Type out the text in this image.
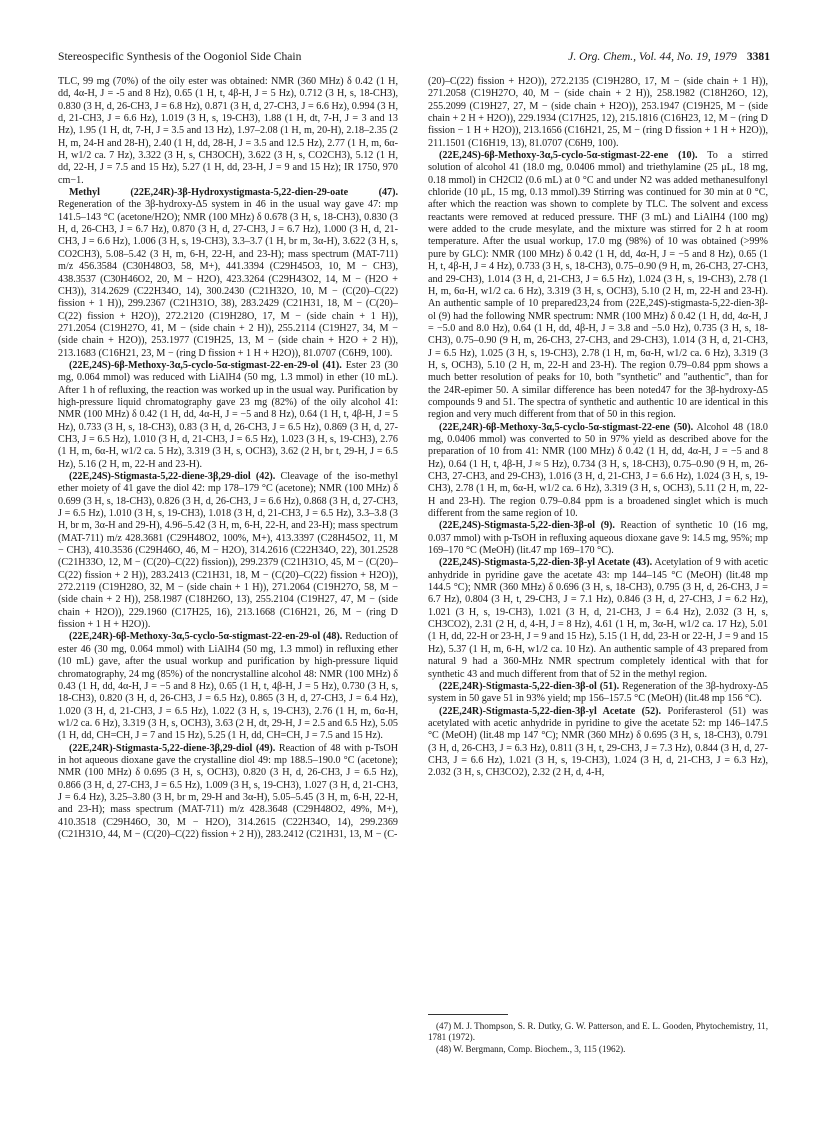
Stereospecific Synthesis of the Oogoniol Side Chain	J. Org. Chem., Vol. 44, No. 19, 1979 3381

TLC, 99 mg (70%) of the oily ester was obtained: NMR (360 MHz) δ 0.42 (1 H, dd, 4α-H, J = -5 and 8 Hz), 0.65 (1 H, t, 4β-H, J = 5 Hz), 0.712 (3 H, s, 18-CH3), 0.830 (3 H, d, 26-CH3, J = 6.8 Hz), 0.871 (3 H, d, 27-CH3, J = 6.6 Hz), 0.994 (3 H, d, 21-CH3, J = 6.6 Hz), 1.019 (3 H, s, 19-CH3), 1.88 (1 H, dt, 7-H, J = 3 and 13 Hz), 1.95 (1 H, dt, 7-H, J = 3.5 and 13 Hz), 1.97–2.08 (1 H, m, 20-H), 2.18–2.35 (2 H, m, 24-H and 28-H), 2.40 (1 H, dd, 28-H, J = 3.5 and 12.5 Hz), 2.77 (1 H, m, 6α-H, w1/2 ca. 7 Hz), 3.322 (3 H, s, CH3OCH), 3.622 (3 H, s, CO2CH3), 5.12 (1 H, dd, 22-H, J = 7.5 and 15 Hz), 5.27 (1 H, dd, 23-H, J = 9 and 15 Hz); IR 1750, 970 cm−1.

Methyl (22E,24R)-3β-Hydroxystigmasta-5,22-dien-29-oate (47). Regeneration of the 3β-hydroxy-Δ5 system in 46 in the usual way gave 47: mp 141.5–143 °C (acetone/H2O); NMR (100 MHz) δ 0.678 (3 H, s, 18-CH3), 0.830 (3 H, d, 26-CH3, J = 6.7 Hz), 0.870 (3 H, d, 27-CH3, J = 6.7 Hz), 1.000 (3 H, d, 21-CH3, J = 6.6 Hz), 1.006 (3 H, s, 19-CH3), 3.3–3.7 (1 H, br m, 3α-H), 3.622 (3 H, s, CO2CH3), 5.08–5.42 (3 H, m, 6-H, 22-H, and 23-H); mass spectrum (MAT-711) m/z 456.3584 (C30H48O3, 58, M+), 441.3394 (C29H45O3, 10, M − CH3), 438.3537 (C30H46O2, 20, M − H2O), 423.3264 (C29H43O2, 14, M − (H2O + CH3)), 314.2629 (C22H34O, 14), 300.2430 (C21H32O, 10, M − (C(20)–C(22) fission + 1 H)), 299.2367 (C21H31O, 38), 283.2429 (C21H31, 18, M − (C(20)–C(22) fission + H2O)), 272.2120 (C19H28O, 17, M − (side chain + 1 H)), 271.2054 (C19H27O, 41, M − (side chain + 2 H)), 255.2114 (C19H27, 34, M − (side chain + H2O)), 253.1977 (C19H25, 13, M − (side chain + H2O + 2 H)), 213.1683 (C16H21, 23, M − (ring D fission + 1 H + H2O)), 81.0707 (C6H9, 100).

(22E,24S)-6β-Methoxy-3α,5-cyclo-5α-stigmast-22-en-29-ol (41). Ester 23 (30 mg, 0.064 mmol) was reduced with LiAlH4 (50 mg, 1.3 mmol) in ether (10 mL). After 1 h of refluxing, the reaction was worked up in the usual way. Purification by high-pressure liquid chromatography gave 23 mg (82%) of the oily alcohol 41: NMR (100 MHz) δ 0.42 (1 H, dd, 4α-H, J = −5 and 8 Hz), 0.64 (1 H, t, 4β-H, J = 5 Hz), 0.733 (3 H, s, 18-CH3), 0.83 (3 H, d, 26-CH3, J = 6.5 Hz), 0.869 (3 H, d, 27-CH3, J = 6.5 Hz), 1.010 (3 H, d, 21-CH3, J = 6.5 Hz), 1.023 (3 H, s, 19-CH3), 2.76 (1 H, m, 6α-H, w1/2 ca. 5 Hz), 3.319 (3 H, s, OCH3), 3.62 (2 H, br t, 29-H, J = 6.5 Hz), 5.16 (2 H, m, 22-H and 23-H).

(22E,24S)-Stigmasta-5,22-diene-3β,29-diol (42). Cleavage of the iso-methyl ether moiety of 41 gave the diol 42: mp 178–179 °C (acetone); NMR (100 MHz) δ 0.699 (3 H, s, 18-CH3), 0.826 (3 H, d, 26-CH3, J = 6.6 Hz), 0.868 (3 H, d, 27-CH3, J = 6.5 Hz), 1.010 (3 H, s, 19-CH3), 1.018 (3 H, d, 21-CH3, J = 6.5 Hz), 3.3–3.8 (3 H, br m, 3α-H and 29-H), 4.96–5.42 (3 H, m, 6-H, 22-H, and 23-H); mass spectrum (MAT-711) m/z 428.3681 (C29H48O2, 100%, M+), 413.3397 (C28H45O2, 11, M − CH3), 410.3536 (C29H46O, 46, M − H2O), 314.2616 (C22H34O, 22), 301.2528 (C21H33O, 12, M − (C(20)–C(22) fission)), 299.2379 (C21H31O, 45, M − (C(20)–C(22) fission + 2 H)), 283.2413 (C21H31, 18, M − (C(20)–C(22) fission + H2O)), 272.2119 (C19H28O, 32, M − (side chain + 1 H)), 271.2064 (C19H27O, 58, M − (side chain + 2 H)), 258.1987 (C18H26O, 13), 255.2104 (C19H27, 47, M − (side chain + H2O)), 229.1960 (C17H25, 16), 213.1668 (C16H21, 26, M − (ring D fission + 1 H + H2O)).

(22E,24R)-6β-Methoxy-3α,5-cyclo-5α-stigmast-22-en-29-ol (48). Reduction of ester 46 (30 mg, 0.064 mmol) with LiAlH4 (50 mg, 1.3 mmol) in refluxing ether (10 mL) gave, after the usual workup and purification by high-pressure liquid chromatography, 24 mg (85%) of the noncrystalline alcohol 48: NMR (100 MHz) δ 0.43 (1 H, dd, 4α-H, J = −5 and 8 Hz), 0.65 (1 H, t, 4β-H, J = 5 Hz), 0.730 (3 H, s, 18-CH3), 0.820 (3 H, d, 26-CH3, J = 6.5 Hz), 0.865 (3 H, d, 27-CH3, J = 6.4 Hz), 1.020 (3 H, d, 21-CH3, J = 6.5 Hz), 1.022 (3 H, s, 19-CH3), 2.76 (1 H, m, 6α-H, w1/2 ca. 6 Hz), 3.319 (3 H, s, OCH3), 3.63 (2 H, dt, 29-H, J = 2.5 and 6.5 Hz), 5.05 (1 H, dd, CH=CH, J = 7 and 15 Hz), 5.25 (1 H, dd, CH=CH, J = 7.5 and 15 Hz).

(22E,24R)-Stigmasta-5,22-diene-3β,29-diol (49). Reaction of 48 with p-TsOH in hot aqueous dioxane gave the crystalline diol 49: mp 188.5–190.0 °C (acetone); NMR (100 MHz) δ 0.695 (3 H, s, OCH3), 0.820 (3 H, d, 26-CH3, J = 6.5 Hz), 0.866 (3 H, d, 27-CH3, J = 6.5 Hz), 1.009 (3 H, s, 19-CH3), 1.027 (3 H, d, 21-CH3, J = 6.4 Hz), 3.25–3.80 (3 H, br m, 29-H and 3α-H), 5.05–5.45 (3 H, m, 6-H, 22-H, and 23-H); mass spectrum (MAT-711) m/z 428.3648 (C29H48O2, 49%, M+), 410.3518 (C29H46O, 30, M − H2O), 314.2615 (C22H34O, 14), 299.2369 (C21H31O, 44, M − (C(20)–C(22) fission + 2 H)), 283.2412 (C21H31, 13, M − (C-

(20)–C(22) fission + H2O)), 272.2135 (C19H28O, 17, M − (side chain + 1 H)), 271.2058 (C19H27O, 40, M − (side chain + 2 H)), 258.1982 (C18H26O, 12), 255.2099 (C19H27, 27, M − (side chain + H2O)), 253.1947 (C19H25, M − (side chain + 2 H + H2O)), 229.1934 (C17H25, 12), 215.1816 (C16H23, 12, M − (ring D fission − 1 H + H2O)), 213.1656 (C16H21, 25, M − (ring D fission + 1 H + H2O)), 211.1501 (C16H19, 13), 81.0707 (C6H9, 100).

(22E,24S)-6β-Methoxy-3α,5-cyclo-5α-stigmast-22-ene (10). To a stirred solution of alcohol 41 (18.0 mg, 0.0406 mmol) and triethylamine (25 μL, 18 mg, 0.18 mmol) in CH2Cl2 (0.6 mL) at 0 °C and under N2 was added methanesulfonyl chloride (10 μL, 15 mg, 0.13 mmol).39 Stirring was continued for 30 min at 0 °C, after which the reaction was shown to complete by TLC. The solvent and excess reactants were removed at reduced pressure. THF (3 mL) and LiAlH4 (100 mg) were added to the crude mesylate, and the mixture was stirred for 2 h at room temperature. After the usual workup, 17.0 mg (98%) of 10 was obtained (>99% pure by GLC): NMR (100 MHz) δ 0.42 (1 H, dd, 4α-H, J = −5 and 8 Hz), 0.65 (1 H, t, 4β-H, J = 4 Hz), 0.733 (3 H, s, 18-CH3), 0.75–0.90 (9 H, m, 26-CH3, 27-CH3, and 29-CH3), 1.014 (3 H, d, 21-CH3, J = 6.5 Hz), 1.024 (3 H, s, 19-CH3), 2.78 (1 H, m, 6α-H, w1/2 ca. 6 Hz), 3.319 (3 H, s, OCH3), 5.10 (2 H, m, 22-H and 23-H). An authentic sample of 10 prepared23,24 from (22E,24S)-stigmasta-5,22-dien-3β-ol (9) had the following NMR spectrum: NMR (100 MHz) δ 0.42 (1 H, dd, 4α-H, J = −5.0 and 8.0 Hz), 0.64 (1 H, dd, 4β-H, J = 3.8 and −5.0 Hz), 0.735 (3 H, s, 18-CH3), 0.75–0.90 (9 H, m, 26-CH3, 27-CH3, and 29-CH3), 1.014 (3 H, d, 21-CH3, J = 6.5 Hz), 1.025 (3 H, s, 19-CH3), 2.78 (1 H, m, 6α-H, w1/2 ca. 6 Hz), 3.319 (3 H, s, OCH3), 5.10 (2 H, m, 22-H and 23-H). The region 0.79–0.84 ppm shows a much better resolution of peaks for 10, both "synthetic" and "authentic", than for the 24R-epimer 50. A similar difference has been noted47 for the 3β-hydroxy-Δ5 compounds 9 and 51. The spectra of synthetic and authentic 10 are identical in this region and very much different from that of 50 in this region.

(22E,24R)-6β-Methoxy-3α,5-cyclo-5α-stigmast-22-ene (50). Alcohol 48 (18.0 mg, 0.0406 mmol) was converted to 50 in 97% yield as described above for the preparation of 10 from 41: NMR (100 MHz) δ 0.42 (1 H, dd, 4α-H, J = −5 and 8 Hz), 0.64 (1 H, t, 4β-H, J ≈ 5 Hz), 0.734 (3 H, s, 18-CH3), 0.75–0.90 (9 H, m, 26-CH3, 27-CH3, and 29-CH3), 1.016 (3 H, d, 21-CH3, J = 6.6 Hz), 1.024 (3 H, s, 19-CH3), 2.78 (1 H, m, 6α-H, w1/2 ca. 6 Hz), 3.319 (3 H, s, OCH3), 5.11 (2 H, m, 22-H and 23-H). The region 0.79–0.84 ppm is a broadened singlet which is much different from the same region of 10.

(22E,24S)-Stigmasta-5,22-dien-3β-ol (9). Reaction of synthetic 10 (16 mg, 0.037 mmol) with p-TsOH in refluxing aqueous dioxane gave 9: 14.5 mg, 95%; mp 169–170 °C (MeOH) (lit.47 mp 169–170 °C).

(22E,24S)-Stigmasta-5,22-dien-3β-yl Acetate (43). Acetylation of 9 with acetic anhydride in pyridine gave the acetate 43: mp 144–145 °C (MeOH) (lit.48 mp 144.5 °C); NMR (360 MHz) δ 0.696 (3 H, s, 18-CH3), 0.795 (3 H, d, 26-CH3, J = 6.7 Hz), 0.804 (3 H, t, 29-CH3, J = 7.1 Hz), 0.846 (3 H, d, 27-CH3, J = 6.2 Hz), 1.021 (3 H, s, 19-CH3), 1.021 (3 H, d, 21-CH3, J = 6.4 Hz), 2.032 (3 H, s, CH3CO2), 2.31 (2 H, d, 4-H, J = 8 Hz), 4.61 (1 H, m, 3α-H, w1/2 ca. 17 Hz), 5.01 (1 H, dd, 22-H or 23-H, J = 9 and 15 Hz), 5.15 (1 H, dd, 23-H or 22-H, J = 9 and 15 Hz), 5.37 (1 H, m, 6-H, w1/2 ca. 10 Hz). An authentic sample of 43 prepared from natural 9 had a 360-MHz NMR spectrum completely identical with that for synthetic 43 and much different from that of 52 in the methyl region.

(22E,24R)-Stigmasta-5,22-dien-3β-ol (51). Regeneration of the 3β-hydroxy-Δ5 system in 50 gave 51 in 93% yield; mp 156–157.5 °C (MeOH) (lit.48 mp 156 °C).

(22E,24R)-Stigmasta-5,22-dien-3β-yl Acetate (52). Poriferasterol (51) was acetylated with acetic anhydride in pyridine to give the acetate 52: mp 146–147.5 °C (MeOH) (lit.48 mp 147 °C); NMR (360 MHz) δ 0.695 (3 H, s, 18-CH3), 0.791 (3 H, d, 26-CH3, J = 6.3 Hz), 0.811 (3 H, t, 29-CH3, J = 7.3 Hz), 0.844 (3 H, d, 27-CH3, J = 6.6 Hz), 1.021 (3 H, s, 19-CH3), 1.024 (3 H, d, 21-CH3, J = 6.3 Hz), 2.032 (3 H, s, CH3CO2), 2.32 (2 H, d, 4-H,

(47) M. J. Thompson, S. R. Dutky, G. W. Patterson, and E. L. Gooden, Phytochemistry, 11, 1781 (1972).

(48) W. Bergmann, Comp. Biochem., 3, 115 (1962).
